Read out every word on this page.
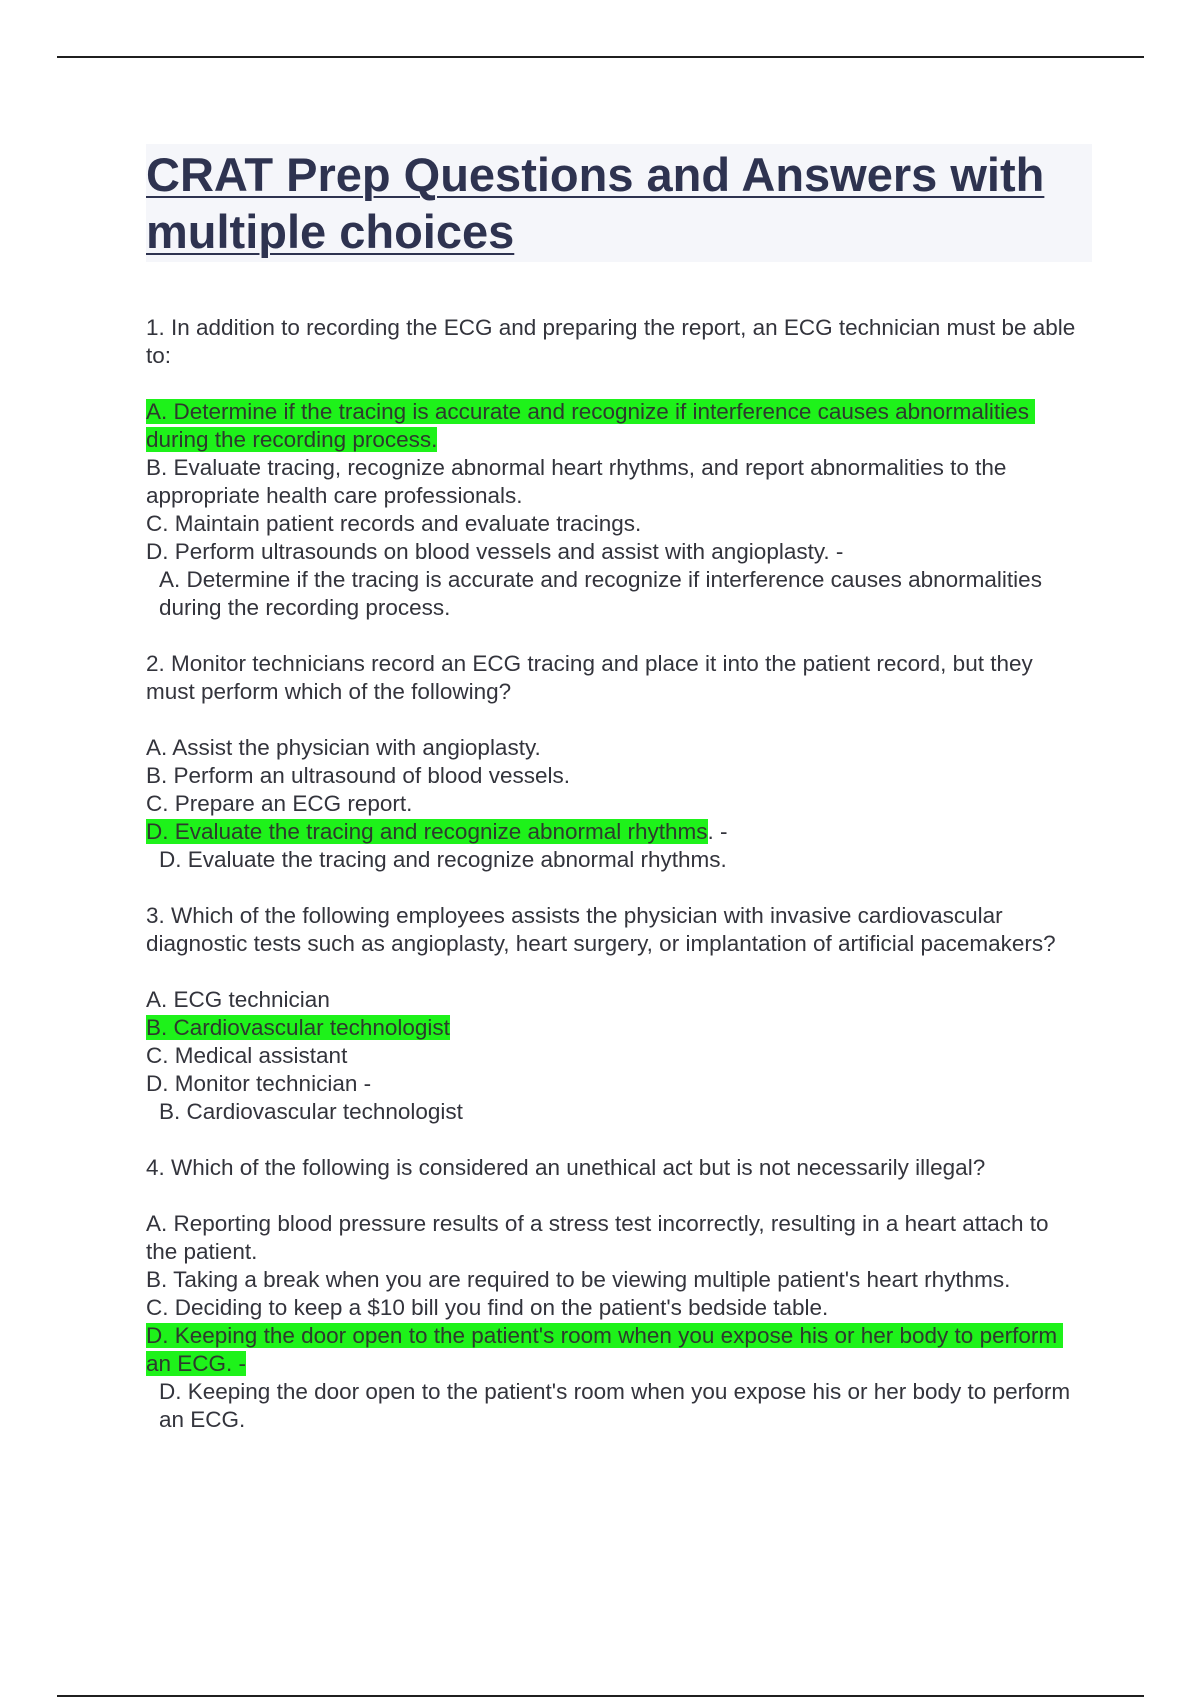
CRAT Prep Questions and Answers with multiple choices
1. In addition to recording the ECG and preparing the report, an ECG technician must be able to:
A. Determine if the tracing is accurate and recognize if interference causes abnormalities during the recording process.
B. Evaluate tracing, recognize abnormal heart rhythms, and report abnormalities to the appropriate health care professionals.
C. Maintain patient records and evaluate tracings.
D. Perform ultrasounds on blood vessels and assist with angioplasty. -
A. Determine if the tracing is accurate and recognize if interference causes abnormalities during the recording process.
2. Monitor technicians record an ECG tracing and place it into the patient record, but they must perform which of the following?
A. Assist the physician with angioplasty.
B. Perform an ultrasound of blood vessels.
C. Prepare an ECG report.
D. Evaluate the tracing and recognize abnormal rhythms. -
D. Evaluate the tracing and recognize abnormal rhythms.
3. Which of the following employees assists the physician with invasive cardiovascular diagnostic tests such as angioplasty, heart surgery, or implantation of artificial pacemakers?
A. ECG technician
B. Cardiovascular technologist
C. Medical assistant
D. Monitor technician -
B. Cardiovascular technologist
4. Which of the following is considered an unethical act but is not necessarily illegal?
A. Reporting blood pressure results of a stress test incorrectly, resulting in a heart attach to the patient.
B. Taking a break when you are required to be viewing multiple patient's heart rhythms.
C. Deciding to keep a $10 bill you find on the patient's bedside table.
D. Keeping the door open to the patient's room when you expose his or her body to perform an ECG. -
D. Keeping the door open to the patient's room when you expose his or her body to perform an ECG.
